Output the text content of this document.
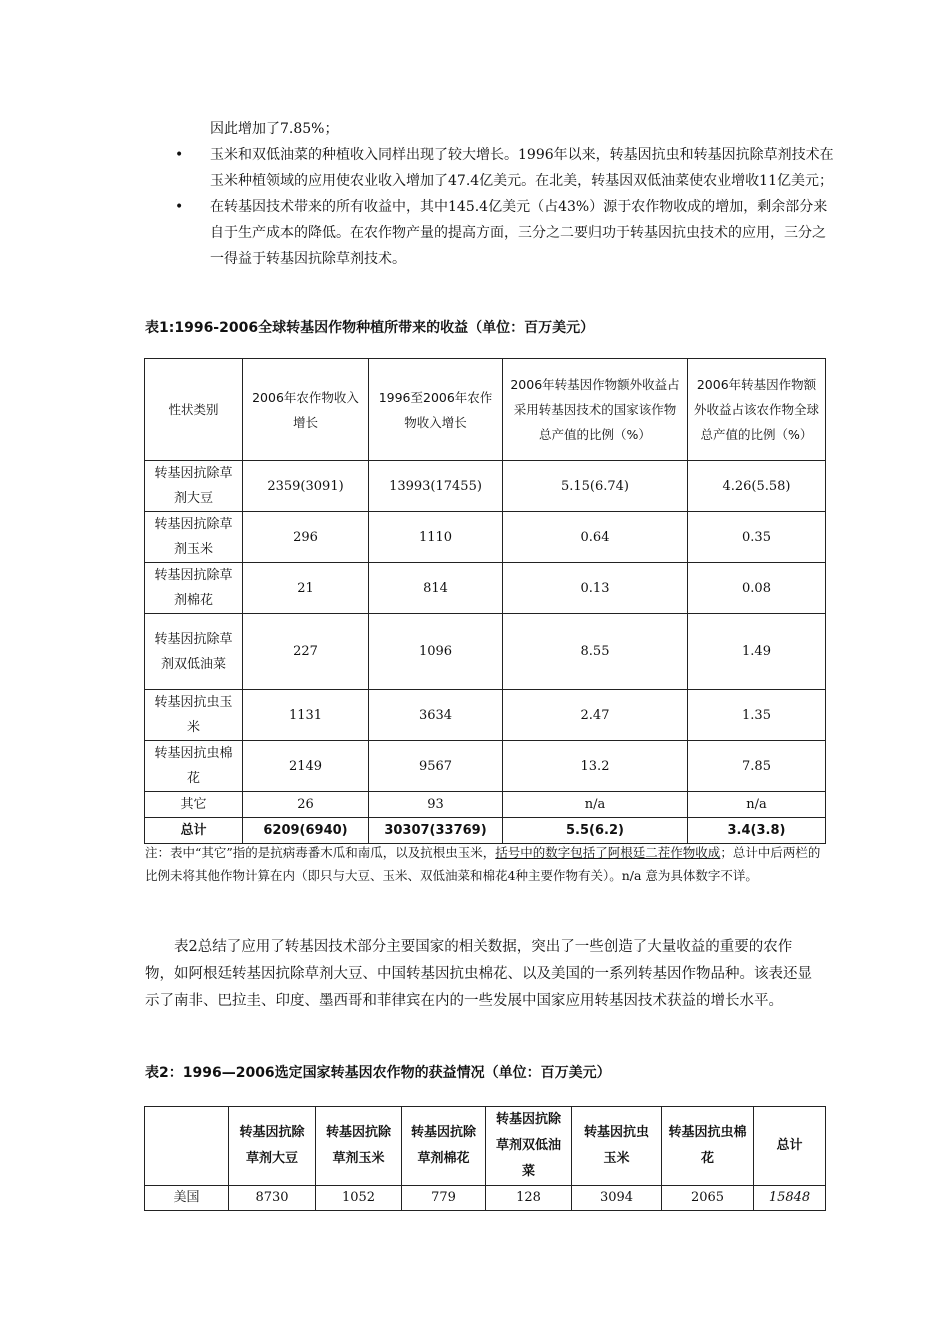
因此增加了7.85%；

• 玉米和双低油菜的种植收入同样出现了较大增长。1996年以来，转基因抗虫和转基因抗除草剂技术在玉米种植领域的应用使农业收入增加了47.4亿美元。在北美，转基因双低油菜使农业增收11亿美元；
• 在转基因技术带来的所有收益中，其中145.4亿美元（占43%）源于农作物收成的增加，剩余部分来自于生产成本的降低。在农作物产量的提高方面，三分之二要归功于转基因抗虫技术的应用，三分之一得益于转基因抗除草剂技术。

表1:1996-2006全球转基因作物种植所带来的收益（单位：百万美元）

性状类别	2006年农作物收入增长	1996至2006年农作物收入增长	2006年转基因作物额外收益占采用转基因技术的国家该作物总产值的比例（%）	2006年转基因作物额外收益占该农作物全球总产值的比例（%）
转基因抗除草剂大豆	2359(3091)	13993(17455)	5.15(6.74)	4.26(5.58)
转基因抗除草剂玉米	296	1110	0.64	0.35
转基因抗除草剂棉花	21	814	0.13	0.08
转基因抗除草剂双低油菜	227	1096	8.55	1.49
转基因抗虫玉米	1131	3634	2.47	1.35
转基因抗虫棉花	2149	9567	13.2	7.85
其它	26	93	n/a	n/a
总计	6209(6940)	30307(33769)	5.5(6.2)	3.4(3.8)

注：表中“其它”指的是抗病毒番木瓜和南瓜，以及抗根虫玉米，括号中的数字包括了阿根廷二茬作物收成；总计中后两栏的比例未将其他作物计算在内（即只与大豆、玉米、双低油菜和棉花4种主要作物有关）。n/a 意为具体数字不详。

表2总结了应用了转基因技术部分主要国家的相关数据，突出了一些创造了大量收益的重要的农作物，如阿根廷转基因抗除草剂大豆、中国转基因抗虫棉花、以及美国的一系列转基因作物品种。该表还显示了南非、巴拉圭、印度、墨西哥和菲律宾在内的一些发展中国家应用转基因技术获益的增长水平。

表2：1996—2006选定国家转基因农作物的获益情况（单位：百万美元）

	转基因抗除草剂大豆	转基因抗除草剂玉米	转基因抗除草剂棉花	转基因抗除草剂双低油菜	转基因抗虫玉米	转基因抗虫棉花	总计
美国	8730	1052	779	128	3094	2065	15848
